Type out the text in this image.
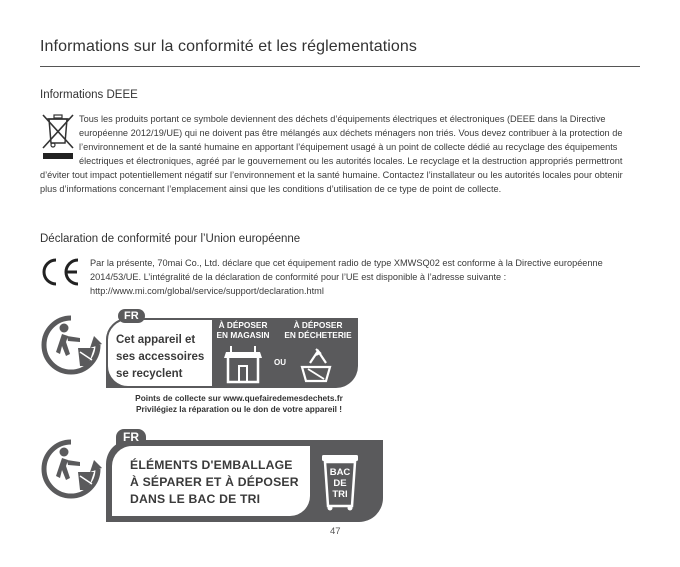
Informations sur la conformité et les réglementations
Informations DEEE
Tous les produits portant ce symbole deviennent des déchets d’équipements électriques et électroniques (DEEE dans la Directive européenne 2012/19/UE) qui ne doivent pas être mélangés aux déchets ménagers non triés. Vous devez contribuer à la protection de l’environnement et de la santé humaine en apportant l’équipement usagé à un point de collecte dédié au recyclage des équipements électriques et électroniques, agréé par le gouvernement ou les autorités locales. Le recyclage et la destruction appropriés permettront d’éviter tout impact potentiellement négatif sur l’environnement et la santé humaine. Contactez l’installateur ou les autorités locales pour obtenir plus d’informations concernant l’emplacement ainsi que les conditions d’utilisation de ce type de point de collecte.
Déclaration de conformité pour l’Union européenne
Par la présente, 70mai Co., Ltd. déclare que cet équipement radio de type XMWSQ02 est conforme à la Directive européenne 2014/53/UE. L’intégralité de la déclaration de conformité pour l’UE est disponible à l’adresse suivante : http://www.mi.com/global/service/support/declaration.html
FR
Cet appareil et
ses accessoires
se recyclent
À DÉPOSER
EN MAGASIN
À DÉPOSER
EN DÉCHETERIE
OU
Points de collecte sur www.quefairedemesdechets.fr
Privilégiez la réparation ou le don de votre appareil !
FR
ÉLÉMENTS D'EMBALLAGE
À SÉPARER ET À DÉPOSER
DANS LE BAC DE TRI
BAC
DE
TRI
47
